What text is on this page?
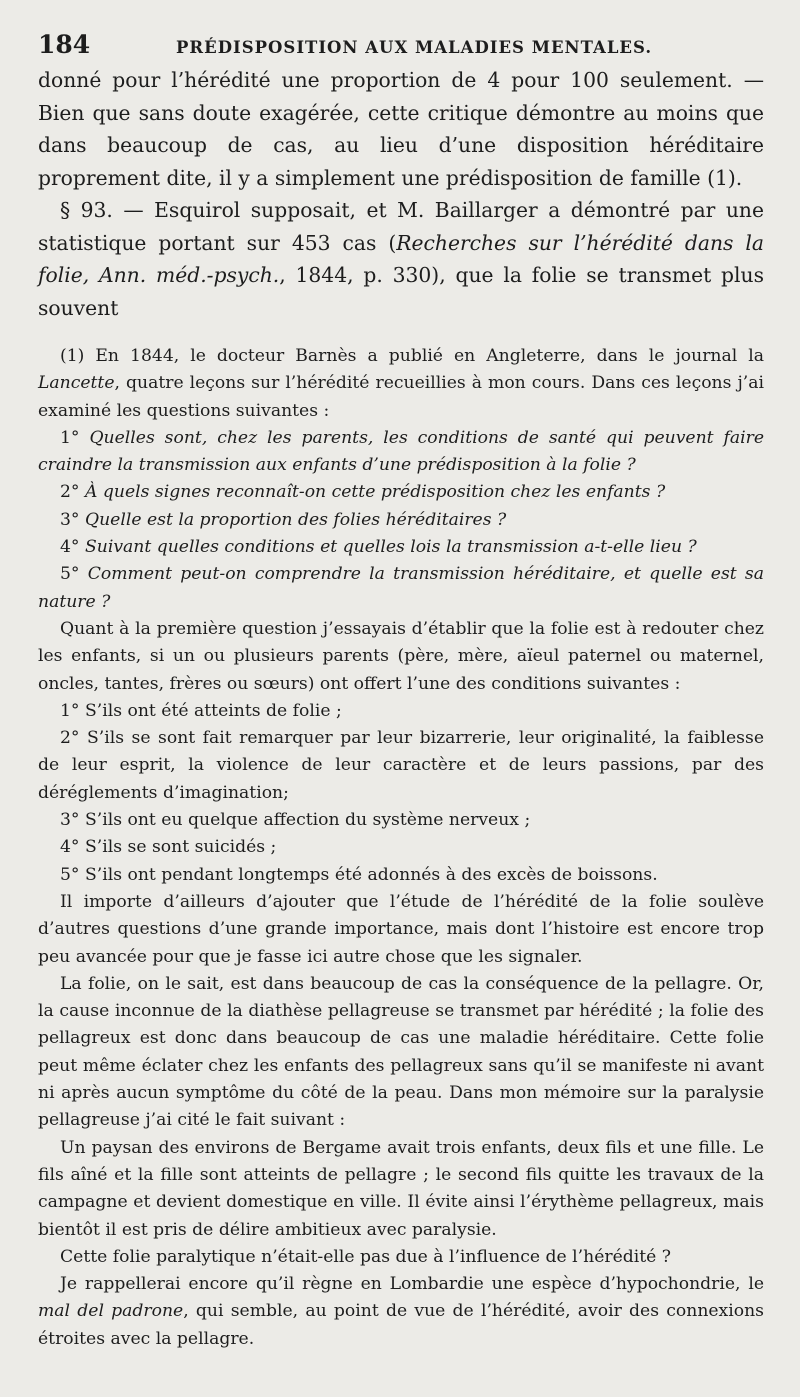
184	PRÉDISPOSITION AUX MALADIES MENTALES.

donné pour l’hérédité une proportion de 4 pour 100 seulement. — Bien que sans doute exagérée, cette critique démontre au moins que dans beaucoup de cas, au lieu d’une disposition héréditaire proprement dite, il y a simplement une prédisposition de famille (1).

§ 93. — Esquirol supposait, et M. Baillarger a démontré par une statistique portant sur 453 cas (Recherches sur l’hérédité dans la folie, Ann. méd.-psych., 1844, p. 330), que la folie se transmet plus souvent

(1) En 1844, le docteur Barnès a publié en Angleterre, dans le journal la Lancette, quatre leçons sur l’hérédité recueillies à mon cours. Dans ces leçons j’ai examiné les questions suivantes :

1° Quelles sont, chez les parents, les conditions de santé qui peuvent faire craindre la transmission aux enfants d’une prédisposition à la folie ?

2° À quels signes reconnaît-on cette prédisposition chez les enfants ?

3° Quelle est la proportion des folies héréditaires ?

4° Suivant quelles conditions et quelles lois la transmission a-t-elle lieu ?

5° Comment peut-on comprendre la transmission héréditaire, et quelle est sa nature ?

Quant à la première question j’essayais d’établir que la folie est à redouter chez les enfants, si un ou plusieurs parents (père, mère, aïeul paternel ou maternel, oncles, tantes, frères ou sœurs) ont offert l’une des conditions suivantes :

1° S’ils ont été atteints de folie ;

2° S’ils se sont fait remarquer par leur bizarrerie, leur originalité, la faiblesse de leur esprit, la violence de leur caractère et de leurs passions, par des déréglements d’imagination;

3° S’ils ont eu quelque affection du système nerveux ;

4° S’ils se sont suicidés ;

5° S’ils ont pendant longtemps été adonnés à des excès de boissons.

Il importe d’ailleurs d’ajouter que l’étude de l’hérédité de la folie soulève d’autres questions d’une grande importance, mais dont l’histoire est encore trop peu avancée pour que je fasse ici autre chose que les signaler.

La folie, on le sait, est dans beaucoup de cas la conséquence de la pellagre. Or, la cause inconnue de la diathèse pellagreuse se transmet par hérédité ; la folie des pellagreux est donc dans beaucoup de cas une maladie héréditaire. Cette folie peut même éclater chez les enfants des pellagreux sans qu’il se manifeste ni avant ni après aucun symptôme du côté de la peau. Dans mon mémoire sur la paralysie pellagreuse j’ai cité le fait suivant :

Un paysan des environs de Bergame avait trois enfants, deux fils et une fille. Le fils aîné et la fille sont atteints de pellagre ; le second fils quitte les travaux de la campagne et devient domestique en ville. Il évite ainsi l’érythème pellagreux, mais bientôt il est pris de délire ambitieux avec paralysie.

Cette folie paralytique n’était-elle pas due à l’influence de l’hérédité ?

Je rappellerai encore qu’il règne en Lombardie une espèce d’hypochondrie, le mal del padrone, qui semble, au point de vue de l’hérédité, avoir des connexions étroites avec la pellagre.
